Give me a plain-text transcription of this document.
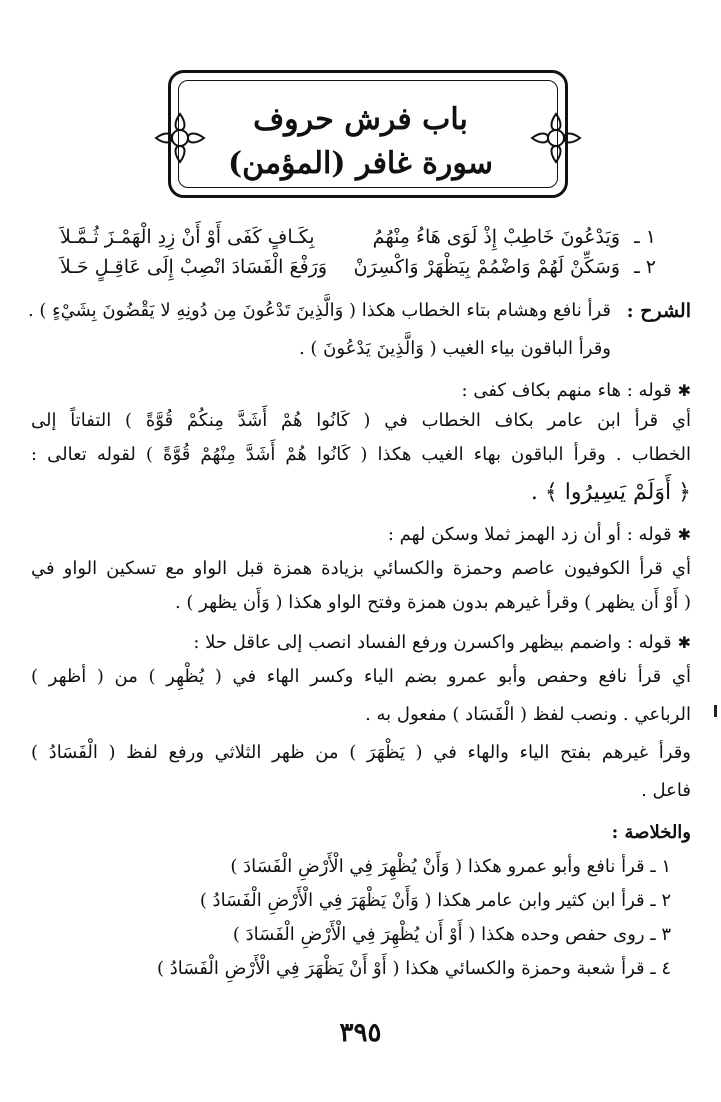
باب فرش حروف
سورة غافر (المؤمن)
١ ـ
وَيَدْعُونَ خَاطِبْ إِذْ لَوَى هَاءُ مِنْهُمُ
بِكَـافٍ كَفَى أَوْ أَنْ زِدِ الْهَمْـزَ ثُـمَّـلاَ
٢ ـ
وَسَكِّنْ لَهُمْ وَاضْمُمْ بِيَظْهَرْ وَاكْسِرَنْ
وَرَفْعَ الْفَسَادَ انْصِبْ إِلَى عَاقِـلٍ حَـلاَ
الشرح :
قرأ نافع وهشام بتاء الخطاب هكذا ( وَالَّذِينَ تَدْعُونَ مِن دُونِهِ لا يَقْضُونَ بِشَيْءٍ ) .
وقرأ الباقون بياء الغيب ( وَالَّذِينَ يَدْعُونَ ) .
✱قوله : هاء منهم بكاف كفى :
أي قرأ ابن عامر بكاف الخطاب في ( كَانُوا هُمْ أَشَدَّ مِنكُمْ قُوَّةً ) التفاتاً إلى
الخطاب . وقرأ الباقون بهاء الغيب هكذا ( كَانُوا هُمْ أَشَدَّ مِنْهُمْ قُوَّةً ) لقوله تعالى :
﴿ أَوَلَمْ يَسِيرُوا ﴾ .
✱قوله : أو أن زد الهمز ثملا وسكن لهم :
أي قرأ الكوفيون عاصم وحمزة والكسائي بزيادة همزة قبل الواو مع تسكين الواو في
( أَوْ أَن يظهر ) وقرأ غيرهم بدون همزة وفتح الواو هكذا ( وَأَن يظهر ) .
✱قوله : واضمم بيظهر واكسرن ورفع الفساد انصب إلى عاقل حلا :
أي قرأ نافع وحفص وأبو عمرو بضم الياء وكسر الهاء في ( يُظْهِر ) من ( أظهر )
الرباعي . ونصب لفظ ( الْفَسَاد ) مفعول به .
وقرأ غيرهم بفتح الياء والهاء في ( يَظْهَرَ ) من ظهر الثلاثي ورفع لفظ ( الْفَسَادُ )
فاعل .
والخلاصة :
١ ـ قرأ نافع وأبو عمرو هكذا ( وَأَنْ يُظْهِرَ فِي الْأَرْضِ الْفَسَادَ )
٢ ـ قرأ ابن كثير وابن عامر هكذا ( وَأَنْ يَظْهَرَ فِي الْأَرْضِ الْفَسَادُ )
٣ ـ روى حفص وحده هكذا ( أَوْ أَن يُظْهِرَ فِي الْأَرْضِ الْفَسَادَ )
٤ ـ قرأ شعبة وحمزة والكسائي هكذا ( أَوْ أَنْ يَظْهَرَ فِي الْأَرْضِ الْفَسَادُ )
٣٩٥
